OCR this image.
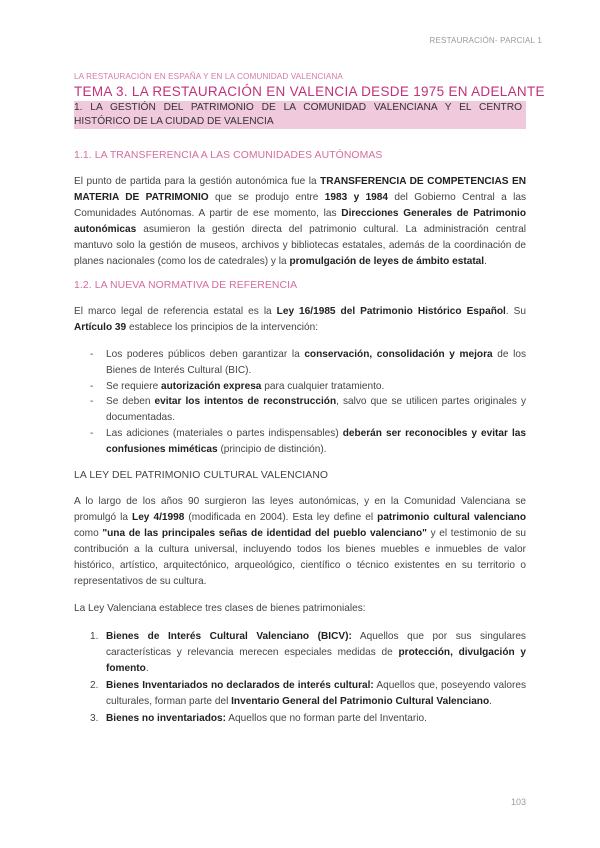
RESTAURACIÓN- PARCIAL 1
LA RESTAURACIÓN EN ESPAÑA Y EN LA COMUNIDAD VALENCIANA
TEMA 3. LA RESTAURACIÓN EN VALENCIA DESDE 1975 EN ADELANTE
1. LA GESTIÓN DEL PATRIMONIO DE LA COMUNIDAD VALENCIANA Y EL CENTRO HISTÓRICO DE LA CIUDAD DE VALENCIA
1.1. LA TRANSFERENCIA A LAS COMUNIDADES AUTÓNOMAS

El punto de partida para la gestión autonómica fue la TRANSFERENCIA DE COMPETENCIAS EN MATERIA DE PATRIMONIO que se produjo entre 1983 y 1984 del Gobierno Central a las Comunidades Autónomas. A partir de ese momento, las Direcciones Generales de Patrimonio autonómicas asumieron la gestión directa del patrimonio cultural. La administración central mantuvo solo la gestión de museos, archivos y bibliotecas estatales, además de la coordinación de planes nacionales (como los de catedrales) y la promulgación de leyes de ámbito estatal.

1.2. LA NUEVA NORMATIVA DE REFERENCIA

El marco legal de referencia estatal es la Ley 16/1985 del Patrimonio Histórico Español. Su Artículo 39 establece los principios de la intervención:

- Los poderes públicos deben garantizar la conservación, consolidación y mejora de los Bienes de Interés Cultural (BIC).
- Se requiere autorización expresa para cualquier tratamiento.
- Se deben evitar los intentos de reconstrucción, salvo que se utilicen partes originales y documentadas.
- Las adiciones (materiales o partes indispensables) deberán ser reconocibles y evitar las confusiones miméticas (principio de distinción).
LA LEY DEL PATRIMONIO CULTURAL VALENCIANO

A lo largo de los años 90 surgieron las leyes autonómicas, y en la Comunidad Valenciana se promulgó la Ley 4/1998 (modificada en 2004). Esta ley define el patrimonio cultural valenciano como "una de las principales señas de identidad del pueblo valenciano" y el testimonio de su contribución a la cultura universal, incluyendo todos los bienes muebles e inmuebles de valor histórico, artístico, arquitectónico, arqueológico, científico o técnico existentes en su territorio o representativos de su cultura.

La Ley Valenciana establece tres clases de bienes patrimoniales:

1. Bienes de Interés Cultural Valenciano (BICV): Aquellos que por sus singulares características y relevancia merecen especiales medidas de protección, divulgación y fomento.
2. Bienes Inventariados no declarados de interés cultural: Aquellos que, poseyendo valores culturales, forman parte del Inventario General del Patrimonio Cultural Valenciano.
3. Bienes no inventariados: Aquellos que no forman parte del Inventario.
103
